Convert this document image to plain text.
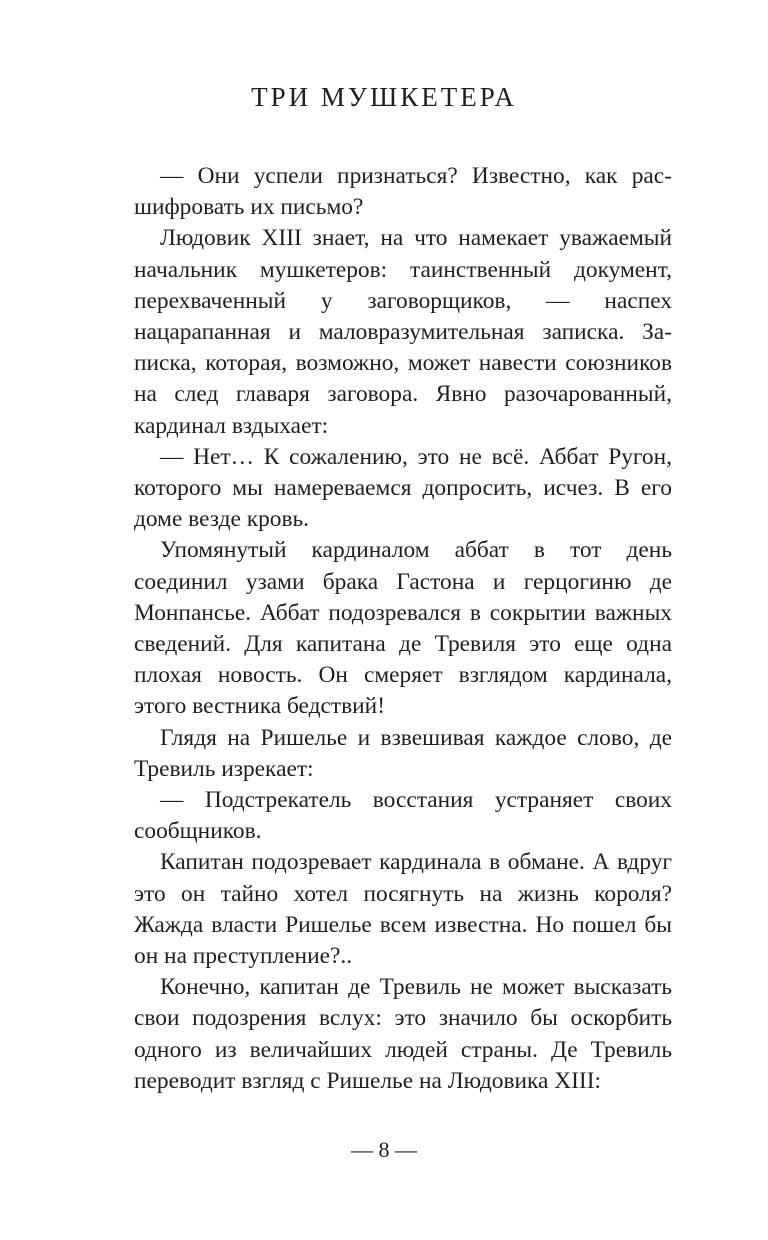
ТРИ МУШКЕТЕРА

— Они успели признаться? Известно, как расшифровать их письмо?

Людовик XIII знает, на что намекает уважаемый начальник мушкетеров: таинственный документ, перехваченный у заговорщиков, — наспех нацарапанная и маловразумительная записка. Записка, которая, возможно, может навести союзников на след главаря заговора. Явно разочарованный, кардинал вздыхает:

— Нет… К сожалению, это не всё. Аббат Ругон, которого мы намереваемся допросить, исчез. В его доме везде кровь.

Упомянутый кардиналом аббат в тот день соединил узами брака Гастона и герцогиню де Монпансье. Аббат подозревался в сокрытии важных сведений. Для капитана де Тревиля это еще одна плохая новость. Он смеряет взглядом кардинала, этого вестника бедствий!

Глядя на Ришелье и взвешивая каждое слово, де Тревиль изрекает:

— Подстрекатель восстания устраняет своих сообщников.

Капитан подозревает кардинала в обмане. А вдруг это он тайно хотел посягнуть на жизнь короля? Жажда власти Ришелье всем известна. Но пошел бы он на преступление?..

Конечно, капитан де Тревиль не может высказать свои подозрения вслух: это значило бы оскорбить одного из величайших людей страны. Де Тревиль переводит взгляд с Ришелье на Людовика XIII:

— 8 —
